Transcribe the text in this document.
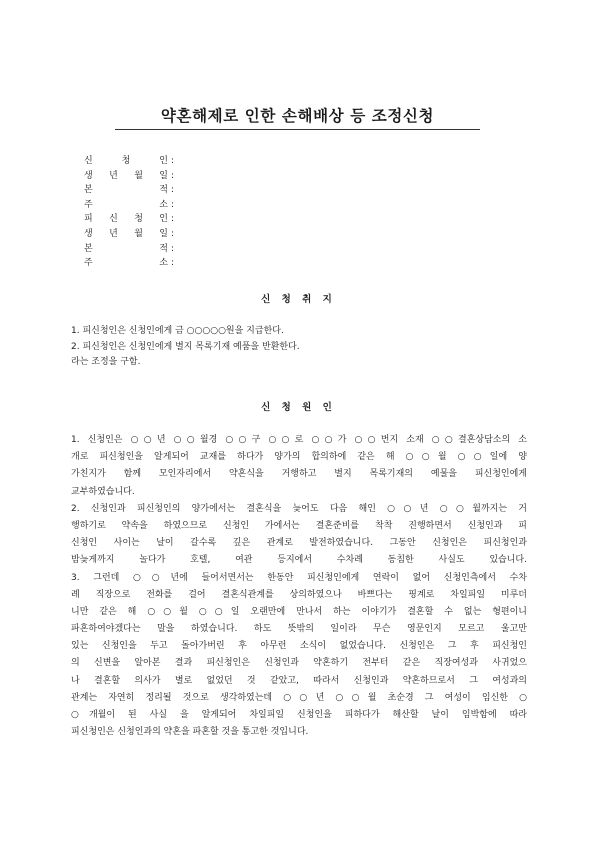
약혼해제로 인한 손해배상 등 조정신청
신	청	인 :
생 년 월 일 :
본	적 :
주	소 :
피 신 청 인 :
생 년 월 일 :
본	적 :
주	소 :
신 청 취 지
1. 피신청인은 신청인에게 금 ○○○○○원을 지급한다.
2. 피신청인은 신청인에게 별지 목록기재 예품을 반환한다.
라는 조정을 구함.
신 청 원 인
1. 신청인은 ○○년 ○○월경 ○○구 ○○로 ○○가 ○○번지 소재 ○○결혼상담소의 소
개로 피신청인을 알게되어 교재를 하다가 양가의 합의하에 같은 해 ○○월 ○○일에 양
가친지가 함께 모인자리에서 약혼식을 거행하고 별지 목록기재의 예물을 피신청인에게
교부하였습니다.
2. 신청인과 피신청인의 양가에서는 결혼식을 늦어도 다음 해인 ○○년 ○○월까지는 거
행하기로 약속을 하였으므로 신청인 가에서는 결혼준비를 착착 진행하면서 신청인과 피
신청인 사이는 날이 갈수록 깊은 관계로 발전하였습니다. 그동안 신청인은 피신청인과
밤늦게까지 놀다가 호텔, 여관 등지에서 수차례 동침한 사실도 있습니다.
3. 그런데 ○○년에 들어서면서는 한동안 피신청인에게 연락이 없어 신청인측에서 수차
례 직장으로 전화를 걸어 결혼식관계를 상의하였으나 바쁘다는 핑계로 차일피일 미루더
니만 같은 해 ○○월 ○○일 오랜만에 만나서 하는 이야기가 결혼할 수 없는 형편이니
파혼하여야겠다는 말을 하였습니다. 하도 뜻밖의 일이라 무슨 영문인지 모르고 울고만
있는 신청인을 두고 돌아가버린 후 아무런 소식이 없었습니다. 신청인은 그 후 피신청인
의 신변을 알아본 결과 피신청인은 신청인과 약혼하기 전부터 같은 직장여성과 사귀었으
나 결혼할 의사가 별로 없었던 것 같았고, 따라서 신청인과 약혼하므로서 그 여성과의
관계는 자연히 정리될 것으로 생각하였는데 ○○년 ○○월 초순경 그 여성이 임신한 ○
○개월이 된 사실 을 알게되어 차일피일 신청인을 피하다가 해산할 날이 임박함에 따라
피신청인은 신청인과의 약혼을 파혼할 것을 통고한 것입니다.
